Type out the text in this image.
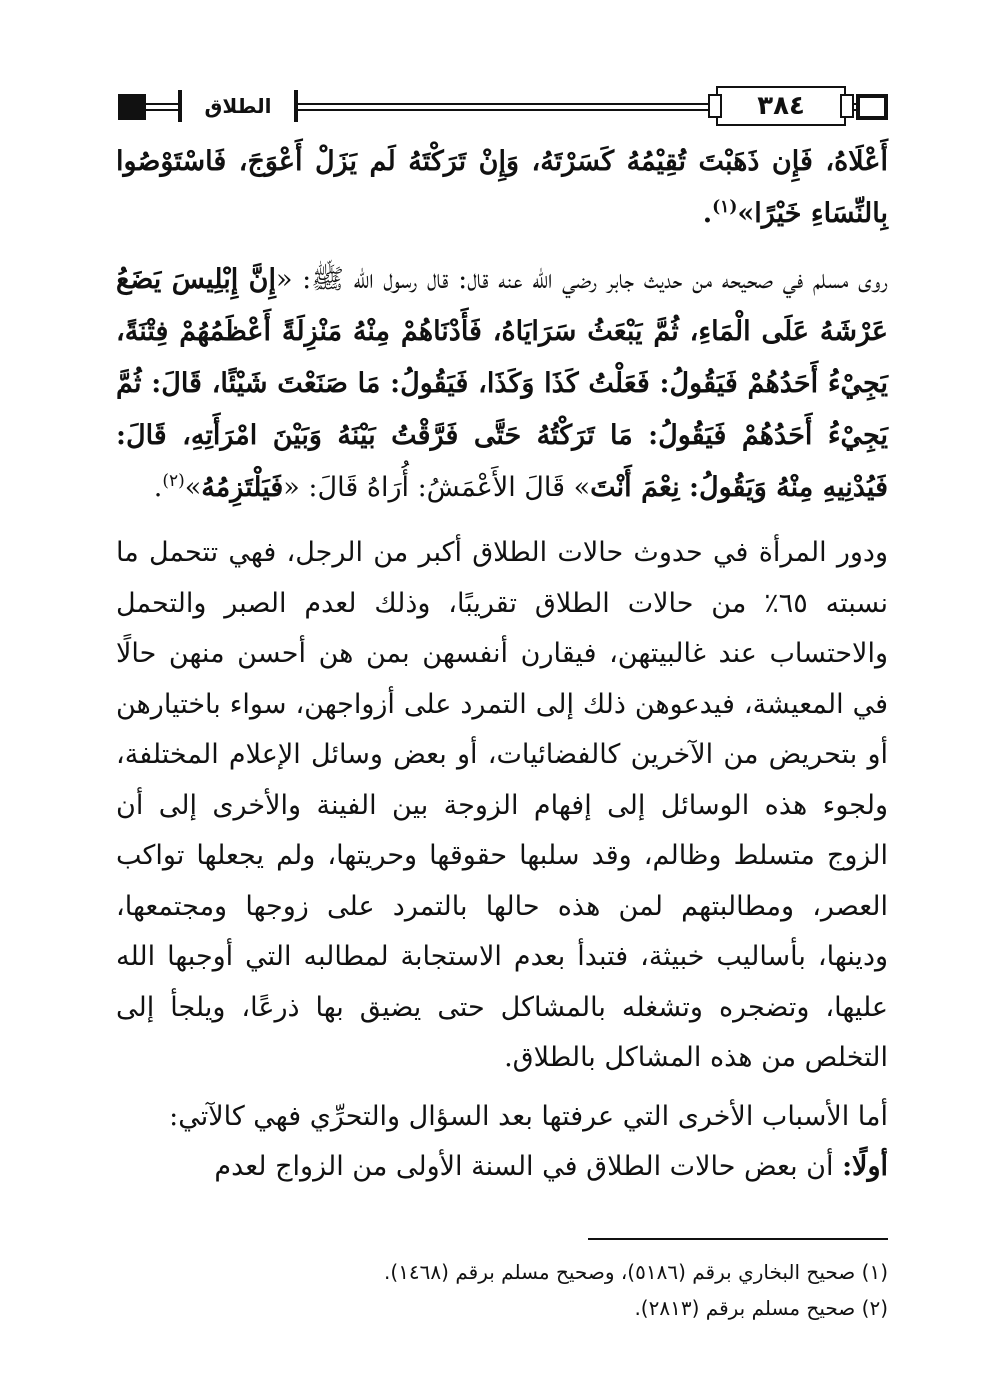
٣٨٤
الطلاق

أَعْلَاهُ، فَإِن ذَهَبْتَ تُقِيْمُهُ كَسَرْتَهُ، وَإِنْ تَرَكْتَهُ لَم يَزَلْ أَعْوَجَ، فَاسْتَوْصُوا بِالنِّسَاءِ خَيْرًا»$^{(١)}$.

روى مسلم في صحيحه من حديث جابر رضي الله عنه قال: قال رسول الله ﷺ: «إِنَّ إِبْلِيسَ يَضَعُ عَرْشَهُ عَلَى الْمَاءِ، ثُمَّ يَبْعَثُ سَرَايَاهُ، فَأَدْنَاهُمْ مِنْهُ مَنْزِلَةً أَعْظَمُهُمْ فِتْنَةً، يَجِيْءُ أَحَدُهُمْ فَيَقُولُ: فَعَلْتُ كَذَا وَكَذَا، فَيَقُولُ: مَا صَنَعْتَ شَيْئًا، قَالَ: ثُمَّ يَجِيْءُ أَحَدُهُمْ فَيَقُولُ: مَا تَرَكْتُهُ حَتَّى فَرَّقْتُ بَيْنَهُ وَبَيْنَ امْرَأَتِهِ، قَالَ: فَيُدْنِيهِ مِنْهُ وَيَقُولُ: نِعْمَ أَنْتَ» قَالَ الأَعْمَشُ: أُرَاهُ قَالَ: «فَيَلْتَزِمُهُ»$^{(٢)}$.

ودور المرأة في حدوث حالات الطلاق أكبر من الرجل، فهي تتحمل ما نسبته ٦٥٪ من حالات الطلاق تقريبًا، وذلك لعدم الصبر والتحمل والاحتساب عند غالبيتهن، فيقارن أنفسهن بمن هن أحسن منهن حالًا في المعيشة، فيدعوهن ذلك إلى التمرد على أزواجهن، سواء باختيارهن أو بتحريض من الآخرين كالفضائيات، أو بعض وسائل الإعلام المختلفة، ولجوء هذه الوسائل إلى إفهام الزوجة بين الفينة والأخرى إلى أن الزوج متسلط وظالم، وقد سلبها حقوقها وحريتها، ولم يجعلها تواكب العصر، ومطالبتهم لمن هذه حالها بالتمرد على زوجها ومجتمعها، ودينها، بأساليب خبيثة، فتبدأ بعدم الاستجابة لمطالبه التي أوجبها الله عليها، وتضجره وتشغله بالمشاكل حتى يضيق بها ذرعًا، ويلجأ إلى التخلص من هذه المشاكل بالطلاق.

أما الأسباب الأخرى التي عرفتها بعد السؤال والتحرِّي فهي كالآتي:

أولًا: أن بعض حالات الطلاق في السنة الأولى من الزواج لعدم

(١) صحيح البخاري برقم (٥١٨٦)، وصحيح مسلم برقم (١٤٦٨).
(٢) صحيح مسلم برقم (٢٨١٣).
